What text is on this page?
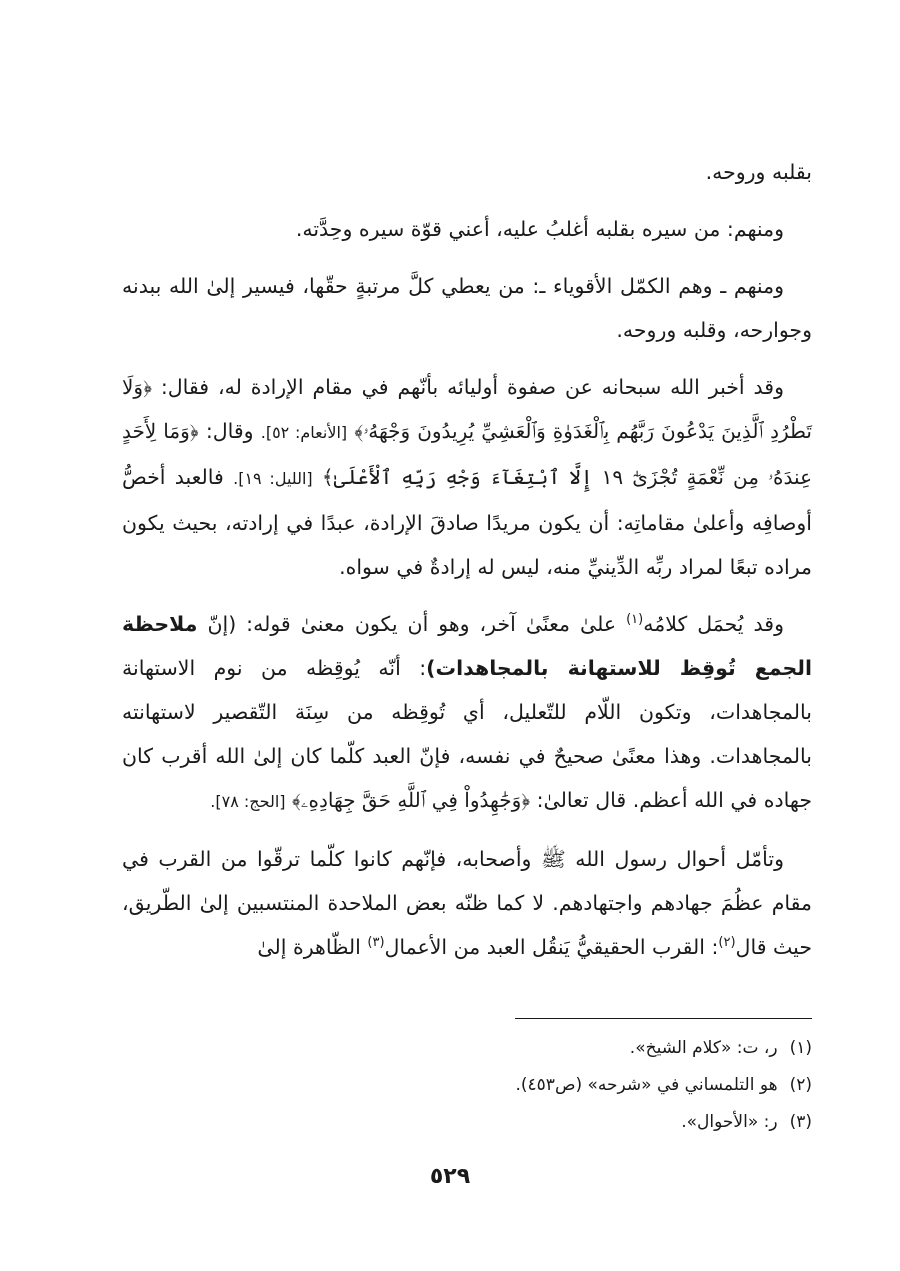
بقلبه وروحه.

ومنهم: من سيره بقلبه أغلبُ عليه، أعني قوّة سيره وحِدَّته.

ومنهم ـ وهم الكمّل الأقوياء ـ: من يعطي كلَّ مرتبةٍ حقّها، فيسير إلىٰ الله ببدنه وجوارحه، وقلبه وروحه.

وقد أخبر الله سبحانه عن صفوة أوليائه بأنّهم في مقام الإرادة له، فقال: ﴿وَلَا تَطْرُدِ ٱلَّذِينَ يَدْعُونَ رَبَّهُم بِٱلْغَدَوٰةِ وَٱلْعَشِيِّ يُرِيدُونَ وَجْهَهُۥ﴾ [الأنعام: ٥٢]. وقال: ﴿وَمَا لِأَحَدٍ عِندَهُۥ مِن نِّعْمَةٍ تُجْزَىٰٓ ١٩ إِلَّا ٱبْتِغَآءَ وَجْهِ رَبِّهِ ٱلْأَعْلَىٰ﴾ [الليل: ١٩]. فالعبد أخصُّ أوصافِه وأعلىٰ مقاماتِه: أن يكون مريدًا صادقَ الإرادة، عبدًا في إرادته، بحيث يكون مراده تبعًا لمراد ربِّه الدِّينيِّ منه، ليس له إرادةٌ في سواه.

وقد يُحمَل كلامُه$^{(١)}$ علىٰ معنًىٰ آخر، وهو أن يكون معنىٰ قوله: (إنّ ملاحظة الجمع تُوقِظ للاستهانة بالمجاهدات): أنّه يُوقِظه من نوم الاستهانة بالمجاهدات، وتكون اللّام للتّعليل، أي تُوقِظه من سِنَة التّقصير لاستهانته بالمجاهدات. وهذا معنًىٰ صحيحٌ في نفسه، فإنّ العبد كلّما كان إلىٰ الله أقرب كان جهاده في الله أعظم. قال تعالىٰ: ﴿وَجَٰهِدُواْ فِي ٱللَّهِ حَقَّ جِهَادِهِۦ﴾ [الحج: ٧٨].

وتأمّل أحوال رسول الله ﷺ وأصحابه، فإنّهم كانوا كلّما ترقّوا من القرب في مقام عظُمَ جهادهم واجتهادهم. لا كما ظنّه بعض الملاحدة المنتسبين إلىٰ الطّريق، حيث قال$^{(٢)}$: القرب الحقيقيُّ يَنقُل العبد من الأعمال$^{(٣)}$ الظّاهرة إلىٰ

(١)ر، ت: «كلام الشيخ».
(٢)هو التلمساني في «شرحه» (ص٤٥٣).
(٣)ر: «الأحوال».
٥٢٩
